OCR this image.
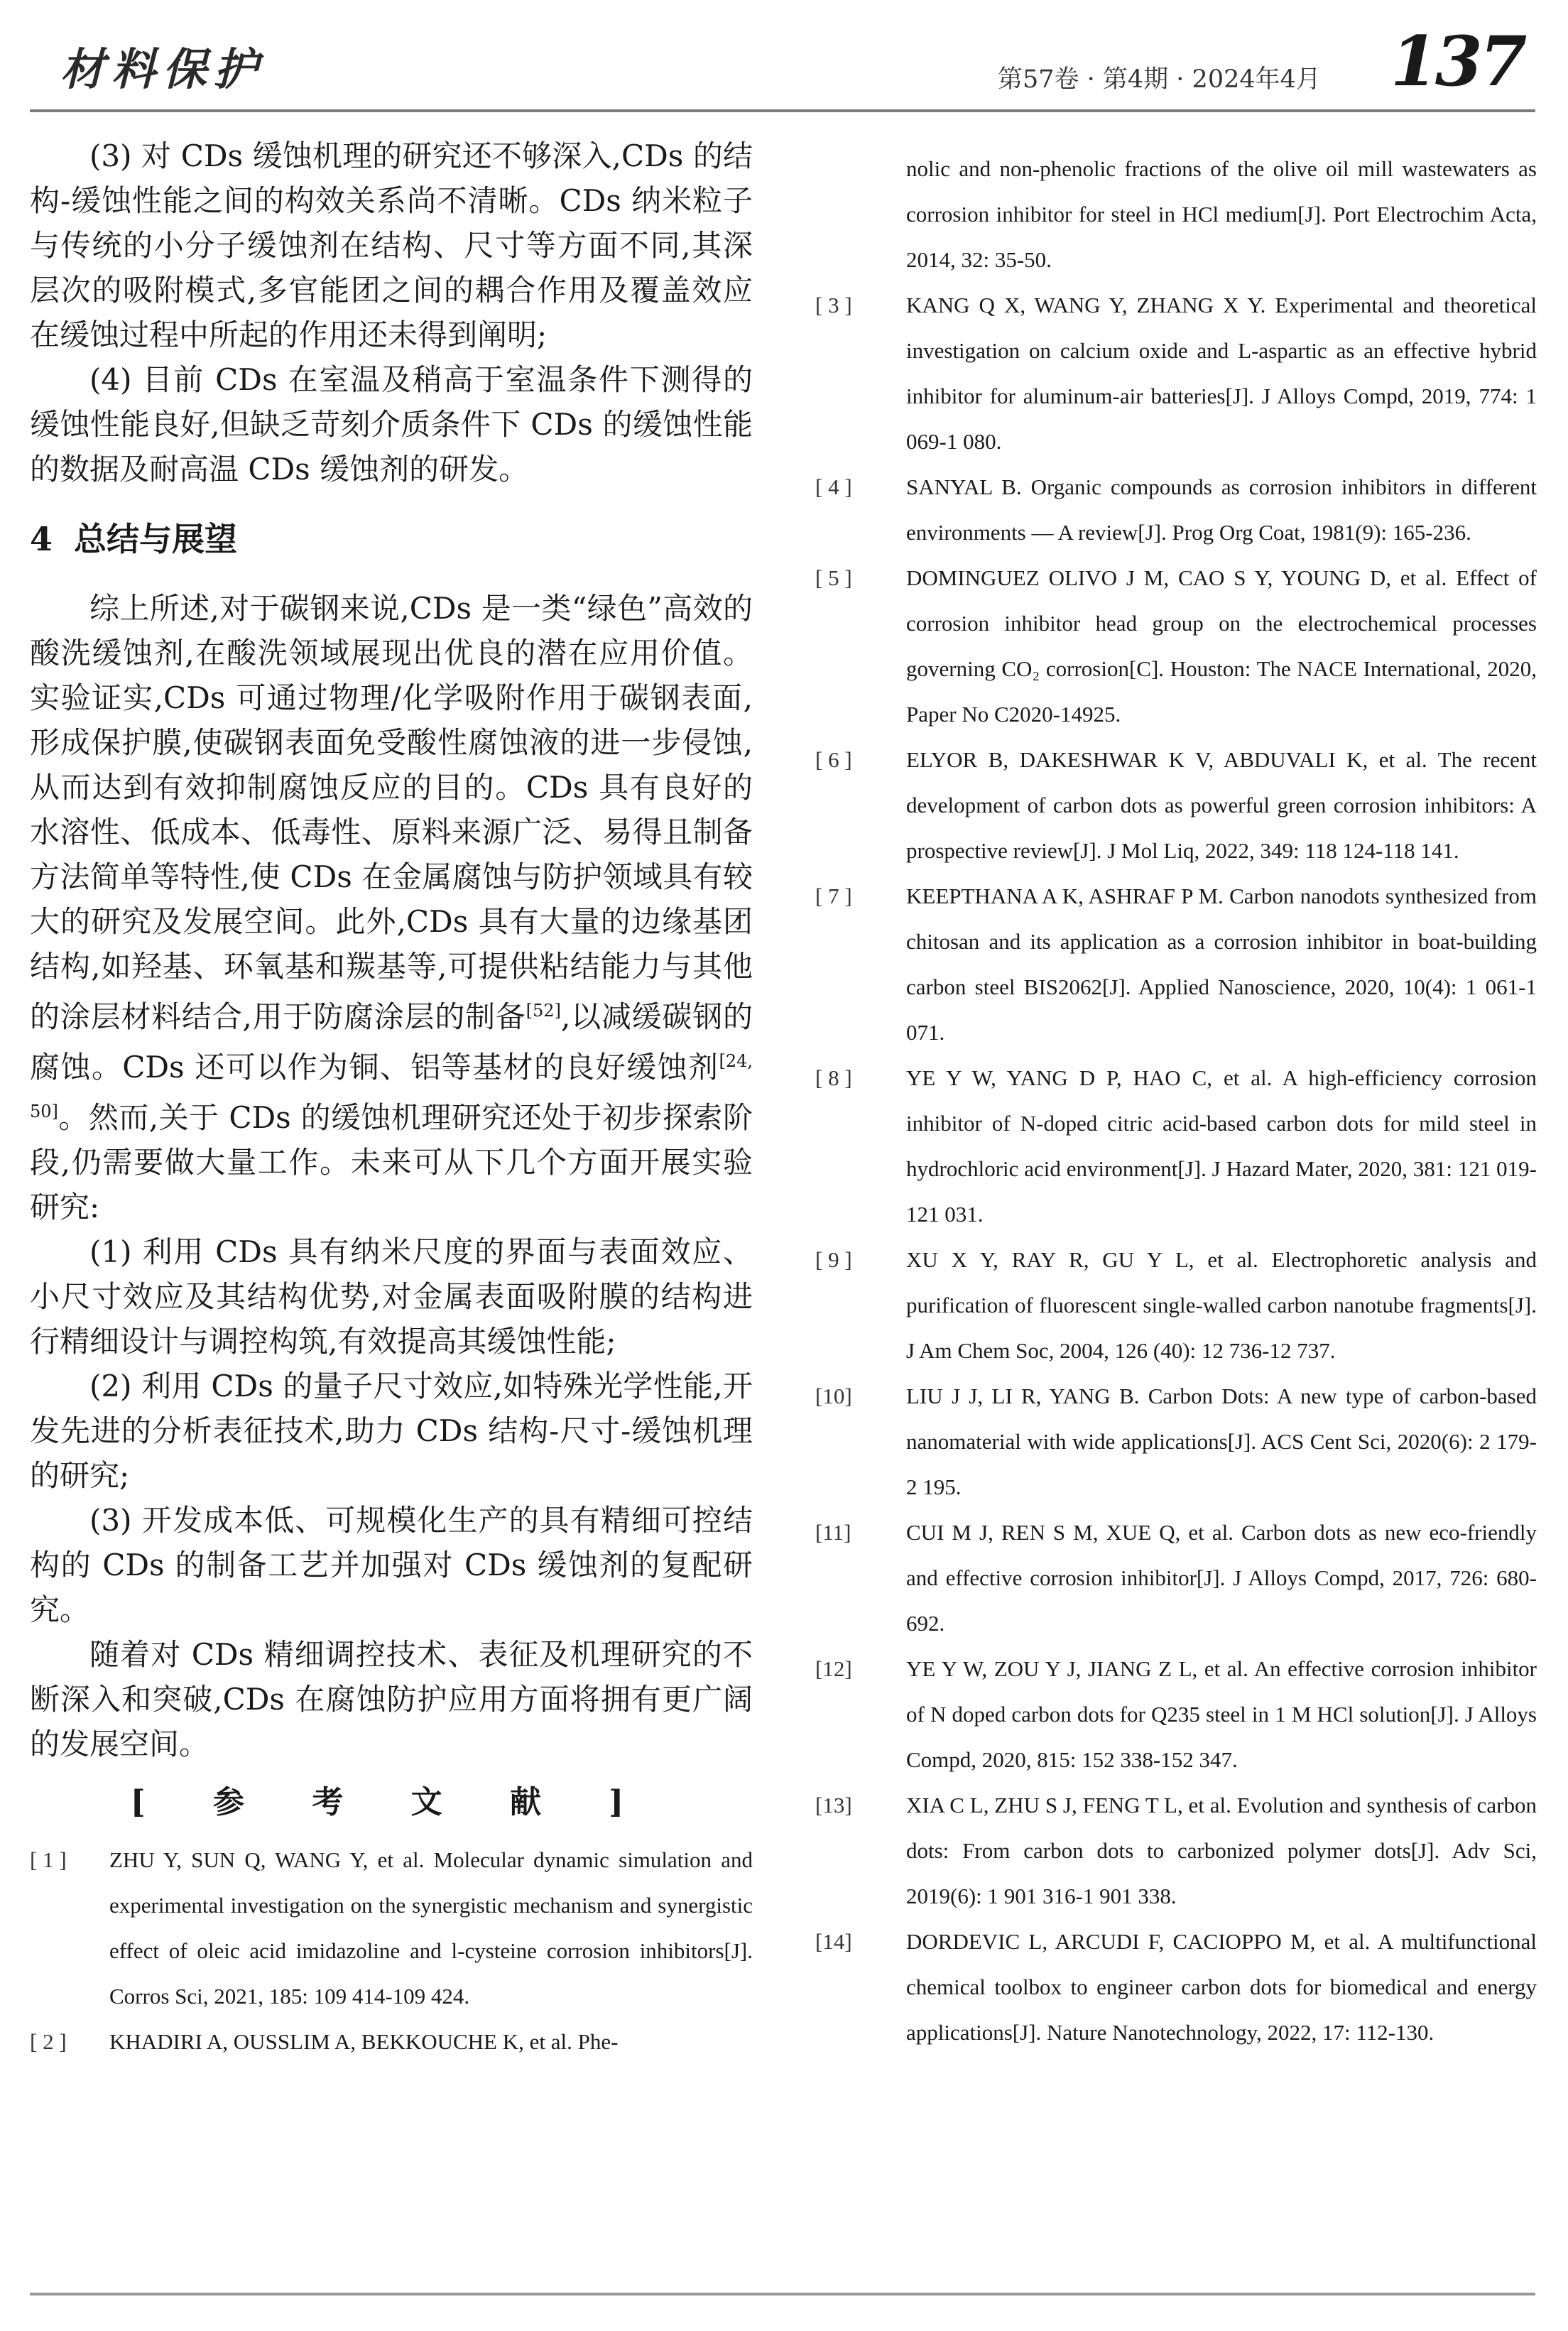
材料保护	第57卷 · 第4期 · 2024年4月 137

(3) 对 CDs 缓蚀机理的研究还不够深入,CDs 的结构-缓蚀性能之间的构效关系尚不清晰。CDs 纳米粒子与传统的小分子缓蚀剂在结构、尺寸等方面不同,其深层次的吸附模式,多官能团之间的耦合作用及覆盖效应在缓蚀过程中所起的作用还未得到阐明;

(4) 目前 CDs 在室温及稍高于室温条件下测得的缓蚀性能良好,但缺乏苛刻介质条件下 CDs 的缓蚀性能的数据及耐高温 CDs 缓蚀剂的研发。

4 总结与展望

综上所述,对于碳钢来说,CDs 是一类“绿色”高效的酸洗缓蚀剂,在酸洗领域展现出优良的潜在应用价值。实验证实,CDs 可通过物理/化学吸附作用于碳钢表面,形成保护膜,使碳钢表面免受酸性腐蚀液的进一步侵蚀,从而达到有效抑制腐蚀反应的目的。CDs 具有良好的水溶性、低成本、低毒性、原料来源广泛、易得且制备方法简单等特性,使 CDs 在金属腐蚀与防护领域具有较大的研究及发展空间。此外,CDs 具有大量的边缘基团结构,如羟基、环氧基和羰基等,可提供粘结能力与其他的涂层材料结合,用于防腐涂层的制备[52],以减缓碳钢的腐蚀。CDs 还可以作为铜、铝等基材的良好缓蚀剂[24, 50]。然而,关于 CDs 的缓蚀机理研究还处于初步探索阶段,仍需要做大量工作。未来可从下几个方面开展实验研究:

(1) 利用 CDs 具有纳米尺度的界面与表面效应、小尺寸效应及其结构优势,对金属表面吸附膜的结构进行精细设计与调控构筑,有效提高其缓蚀性能;

(2) 利用 CDs 的量子尺寸效应,如特殊光学性能,开发先进的分析表征技术,助力 CDs 结构-尺寸-缓蚀机理的研究;

(3) 开发成本低、可规模化生产的具有精细可控结构的 CDs 的制备工艺并加强对 CDs 缓蚀剂的复配研究。

随着对 CDs 精细调控技术、表征及机理研究的不断深入和突破,CDs 在腐蚀防护应用方面将拥有更广阔的发展空间。

[ 参 考 文 献 ]
[ 1 ] ZHU Y, SUN Q, WANG Y, et al. Molecular dynamic simulation and experimental investigation on the synergistic mechanism and synergistic effect of oleic acid imidazoline and l-cysteine corrosion inhibitors[J]. Corros Sci, 2021, 185: 109 414-109 424.
[ 2 ] KHADIRI A, OUSSLIM A, BEKKOUCHE K, et al. Phe-
nolic and non-phenolic fractions of the olive oil mill wastewaters as corrosion inhibitor for steel in HCl medium[J]. Port Electrochim Acta, 2014, 32: 35-50.
[ 3 ] KANG Q X, WANG Y, ZHANG X Y. Experimental and theoretical investigation on calcium oxide and L-aspartic as an effective hybrid inhibitor for aluminum-air batteries[J]. J Alloys Compd, 2019, 774: 1 069-1 080.
[ 4 ] SANYAL B. Organic compounds as corrosion inhibitors in different environments — A review[J]. Prog Org Coat, 1981(9): 165-236.
[ 5 ] DOMINGUEZ OLIVO J M, CAO S Y, YOUNG D, et al. Effect of corrosion inhibitor head group on the electrochemical processes governing CO₂ corrosion[C]. Houston: The NACE International, 2020, Paper No C2020-14925.
[ 6 ] ELYOR B, DAKESHWAR K V, ABDUVALI K, et al. The recent development of carbon dots as powerful green corrosion inhibitors: A prospective review[J]. J Mol Liq, 2022, 349: 118 124-118 141.
[ 7 ] KEEPTHANA A K, ASHRAF P M. Carbon nanodots synthesized from chitosan and its application as a corrosion inhibitor in boat-building carbon steel BIS2062[J]. Applied Nanoscience, 2020, 10(4): 1 061-1 071.
[ 8 ] YE Y W, YANG D P, HAO C, et al. A high-efficiency corrosion inhibitor of N-doped citric acid-based carbon dots for mild steel in hydrochloric acid environment[J]. J Hazard Mater, 2020, 381: 121 019-121 031.
[ 9 ] XU X Y, RAY R, GU Y L, et al. Electrophoretic analysis and purification of fluorescent single-walled carbon nanotube fragments[J]. J Am Chem Soc, 2004, 126 (40): 12 736-12 737.
[10] LIU J J, LI R, YANG B. Carbon Dots: A new type of carbon-based nanomaterial with wide applications[J]. ACS Cent Sci, 2020(6): 2 179-2 195.
[11]	CUI M J, REN S M, XUE Q, et al. Carbon dots as new eco-friendly and effective corrosion inhibitor[J]. J Alloys Compd, 2017, 726: 680-692.
[12] YE Y W, ZOU Y J, JIANG Z L, et al. An effective corrosion inhibitor of N doped carbon dots for Q235 steel in 1 M HCl solution[J]. J Alloys Compd, 2020, 815: 152 338-152 347.
[13] XIA C L, ZHU S J, FENG T L, et al. Evolution and synthesis of carbon dots: From carbon dots to carbonized polymer dots[J]. Adv Sci, 2019(6): 1 901 316-1 901 338.
[14] DORDEVIC L, ARCUDI F, CACIOPPO M, et al. A multifunctional chemical toolbox to engineer carbon dots for biomedical and energy applications[J]. Nature Nanotechnology, 2022, 17: 112-130.
